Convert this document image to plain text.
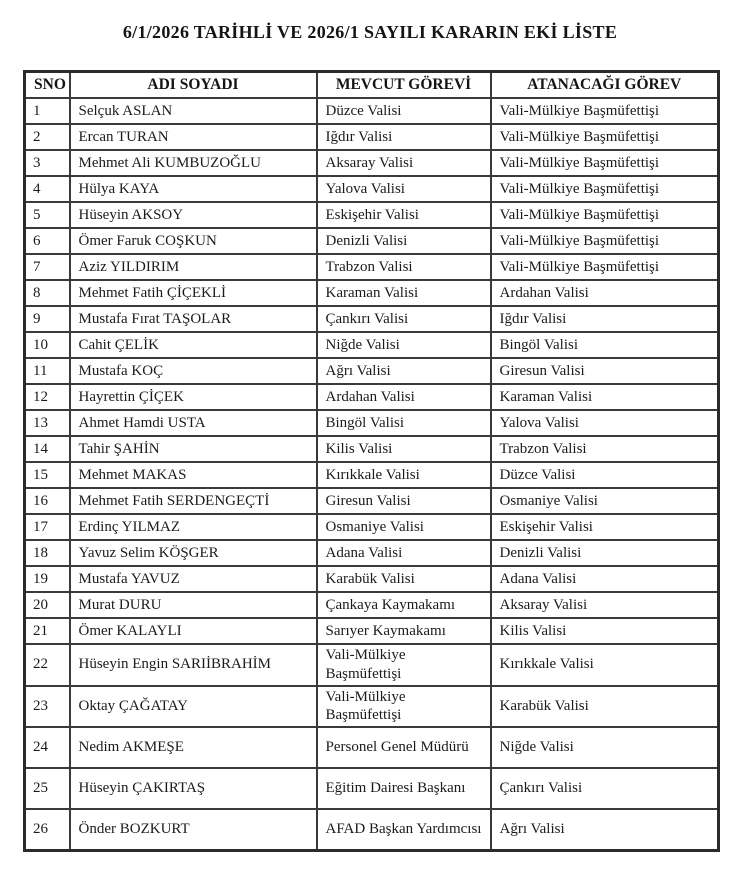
6/1/2026 TARİHLİ VE 2026/1 SAYILI KARARIN EKİ LİSTE
SNO	ADI SOYADI	MEVCUT GÖREVİ	ATANACAĞI GÖREV
1	Selçuk ASLAN	Düzce Valisi	Vali-Mülkiye Başmüfettişi
2	Ercan TURAN	Iğdır Valisi	Vali-Mülkiye Başmüfettişi
3	Mehmet Ali KUMBUZOĞLU	Aksaray Valisi	Vali-Mülkiye Başmüfettişi
4	Hülya KAYA	Yalova Valisi	Vali-Mülkiye Başmüfettişi
5	Hüseyin AKSOY	Eskişehir Valisi	Vali-Mülkiye Başmüfettişi
6	Ömer Faruk COŞKUN	Denizli Valisi	Vali-Mülkiye Başmüfettişi
7	Aziz YILDIRIM	Trabzon Valisi	Vali-Mülkiye Başmüfettişi
8	Mehmet Fatih ÇİÇEKLİ	Karaman Valisi	Ardahan Valisi
9	Mustafa Fırat TAŞOLAR	Çankırı Valisi	Iğdır Valisi
10	Cahit ÇELİK	Niğde Valisi	Bingöl Valisi
11	Mustafa KOÇ	Ağrı Valisi	Giresun Valisi
12	Hayrettin ÇİÇEK	Ardahan Valisi	Karaman Valisi
13	Ahmet Hamdi USTA	Bingöl Valisi	Yalova Valisi
14	Tahir ŞAHİN	Kilis Valisi	Trabzon Valisi
15	Mehmet MAKAS	Kırıkkale Valisi	Düzce Valisi
16	Mehmet Fatih SERDENGEÇTİ	Giresun Valisi	Osmaniye Valisi
17	Erdinç YILMAZ	Osmaniye Valisi	Eskişehir Valisi
18	Yavuz Selim KÖŞGER	Adana Valisi	Denizli Valisi
19	Mustafa YAVUZ	Karabük Valisi	Adana Valisi
20	Murat DURU	Çankaya Kaymakamı	Aksaray Valisi
21	Ömer KALAYLI	Sarıyer Kaymakamı	Kilis Valisi
22	Hüseyin Engin SARIİBRAHİM	Vali-Mülkiye Başmüfettişi	Kırıkkale Valisi
23	Oktay ÇAĞATAY	Vali-Mülkiye Başmüfettişi	Karabük Valisi
24	Nedim AKMEŞE	Personel Genel Müdürü	Niğde Valisi
25	Hüseyin ÇAKIRTAŞ	Eğitim Dairesi Başkanı	Çankırı Valisi
26	Önder BOZKURT	AFAD Başkan Yardımcısı	Ağrı Valisi
